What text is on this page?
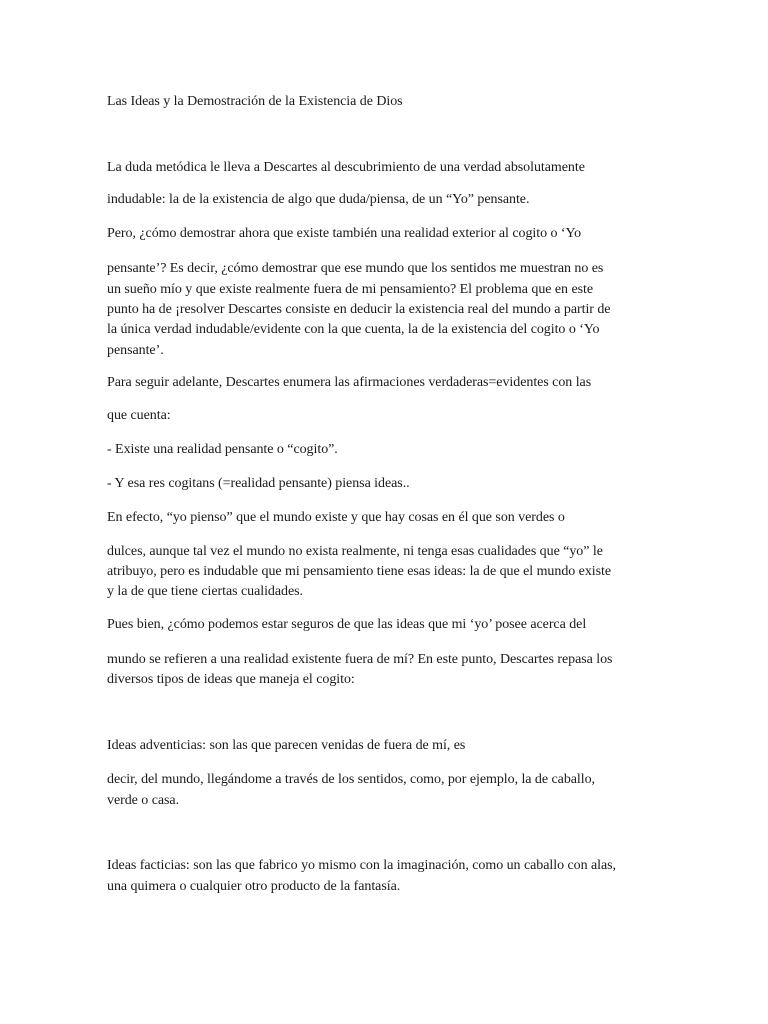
Las Ideas y la Demostración de la Existencia de Dios
La duda metódica le lleva a Descartes al descubrimiento de una verdad absolutamente
indudable: la de la existencia de algo que duda/piensa, de un “Yo” pensante.
Pero, ¿cómo demostrar ahora que existe también una realidad exterior al cogito o ‘Yo
pensante’? Es decir, ¿cómo demostrar que ese mundo que los sentidos me muestran no es
un sueño mío y que existe realmente fuera de mi pensamiento? El problema que en este
punto ha de ¡resolver Descartes consiste en deducir la existencia real del mundo a partir de
la única verdad indudable/evidente con la que cuenta, la de la existencia del cogito o ‘Yo
pensante’.
Para seguir adelante, Descartes enumera las afirmaciones verdaderas=evidentes con las
que cuenta:
- Existe una realidad pensante o “cogito”.
- Y esa res cogitans (=realidad pensante) piensa ideas..
En efecto, “yo pienso” que el mundo existe y que hay cosas en él que son verdes o
dulces, aunque tal vez el mundo no exista realmente, ni tenga esas cualidades que “yo” le
atribuyo, pero es indudable que mi pensamiento tiene esas ideas: la de que el mundo existe
y la de que tiene ciertas cualidades.
Pues bien, ¿cómo podemos estar seguros de que las ideas que mi ‘yo’ posee acerca del
mundo se refieren a una realidad existente fuera de mí? En este punto, Descartes repasa los
diversos tipos de ideas que maneja el cogito:
Ideas adventicias: son las que parecen venidas de fuera de mí, es
decir, del mundo, llegándome a través de los sentidos, como, por ejemplo, la de caballo,
verde o casa.
Ideas facticias: son las que fabrico yo mismo con la imaginación, como un caballo con alas,
una quimera o cualquier otro producto de la fantasía.
